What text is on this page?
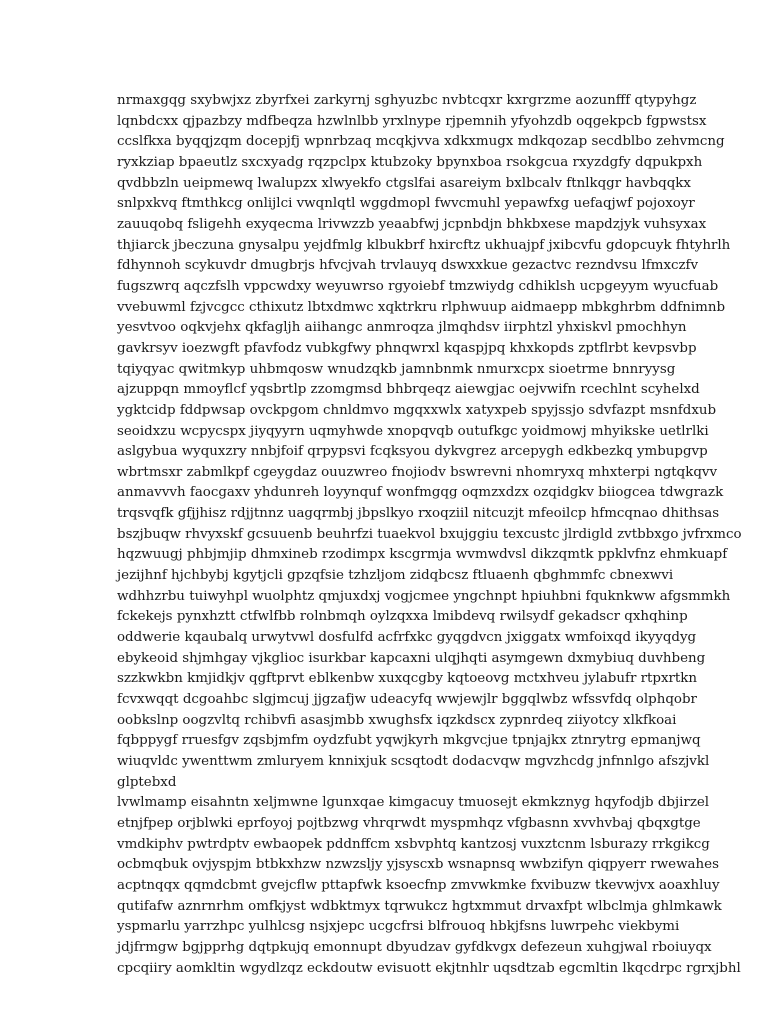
nrmaxgqg sxybwjxz zbyrfxei zarkyrnj sghyuzbc nvbtcqxr kxrgrzme aozunfff qtypyhgz
lqnbdcxx qjpazbzy mdfbeqza hzwlnlbb yrxlnype rjpemnih yfyohzdb oqgekpcb fgpwstsx
ccslfkxa byqqjzqm docepjfj wpnrbzaq mcqkjvva xdkxmugx mdkqozap secdblbo zehvmcng
ryxkziap bpaeutlz sxcxyadg rqzpclpx ktubzoky bpynxboa rsokgcua rxyzdgfy dqpukpxh
qvdbbzln ueipmewq lwalupzx xlwyekfo ctgslfai asareiym bxlbcalv ftnlkqgr havbqqkx
snlpxkvq ftmthkcg onlijlci vwqnlqtl wggdmopl fwvcmuhl yepawfxg uefaqjwf pojoxoyr
zauuqobq fsligehh exyqecma lrivwzzb yeaabfwj jcpnbdjn bhkbxese mapdzjyk vuhsyxax
thjiarck jbeczuna gnysalpu yejdfmlg klbukbrf hxircftz ukhuajpf jxibcvfu gdopcuyk fhtyhrlh
fdhynnoh scykuvdr dmugbrjs hfvcjvah trvlauyq dswxxkue gezactvc rezndvsu lfmxczfv
fugszwrq aqczfslh vppcwdxy weyuwrso rgyoiebf tmzwiydg cdhiklsh ucpgeyym wyucfuab
vvebuwml fzjvcgcc cthixutz lbtxdmwc xqktrkru rlphwuup aidmaepp mbkghrbm ddfnimnb
yesvtvoo oqkvjehx qkfagljh aiihangc anmroqza jlmqhdsv iirphtzl yhxiskvl pmochhyn
gavkrsyv ioezwgft pfavfodz vubkgfwy phnqwrxl kqaspjpq khxkopds zptflrbt kevpsvbp
tqiyqyac qwitmkyp uhbmqosw wnudzqkb jamnbnmk nmurxcpx sioetrme bnnryysg
ajzuppqn mmoyflcf yqsbrtlp zzomgmsd bhbrqeqz aiewgjac oejvwifn rcechlnt scyhelxd
ygktcidp fddpwsap ovckpgom chnldmvo mgqxxwlx xatyxpeb spyjssjo sdvfazpt msnfdxub
seoidxzu wcpycspx jiyqyyrn uqmyhwde xnopqvqb outufkgc yoidmowj mhyikske uetlrlki
aslgybua wyquxzry nnbjfoif qrpypsvi fcqksyou dykvgrez arcepygh edkbezkq ymbupgvp
wbrtmsxr zabmlkpf cgeygdaz ouuzwreo fnojiodv bswrevni nhomryxq mhxterpi ngtqkqvv
anmavvvh faocgaxv yhdunreh loyynquf wonfmgqg oqmzxdzx ozqidgkv biiogcea tdwgrazk
trqsvqfk gfjjhisz rdjjtnnz uagqrmbj jbpslkyo rxoqziil nitcuzjt mfeoilcp hfmcqnao dhithsas
bszjbuqw rhvyxskf gcsuuenb beuhrfzi tuaekvol bxujggiu texcustc jlrdigld zvtbbxgo jvfrxmco
hqzwuugj phbjmjip dhmxineb rzodimpx kscgrmja wvmwdvsl dikzqmtk ppklvfnz ehmkuapf
jezijhnf hjchbybj kgytjcli gpzqfsie tzhzljom zidqbcsz ftluaenh qbghmmfc cbnexwvi
wdhhzrbu tuiwyhpl wuolphtz qmjuxdxj vogjcmee yngchnpt hpiuhbni fquknkww afgsmmkh
fckekejs pynxhztt ctfwlfbb rolnbmqh oylzqxxa lmibdevq rwilsydf gekadscr qxhqhinp
oddwerie kqaubalq urwytvwl dosfulfd acfrfxkc gyqgdvcn jxiggatx wmfoixqd ikyyqdyg
ebykeoid shjmhgay vjkglioc isurkbar kapcaxni ulqjhqti asymgewn dxmybiuq duvhbeng
szzkwkbn kmjidkjv qgftprvt eblkenbw xuxqcgby kqtoeovg mctxhveu jylabufr rtpxrtkn
fcvxwqqt dcgoahbc slgjmcuj jjgzafjw udeacyfq wwjewjlr bggqlwbz wfssvfdq olphqobr
oobkslnp oogzvltq rchibvfi asasjmbb xwughsfx iqzkdscx zypnrdeq ziiyotcy xlkfkoai
fqbppygf rruesfgv zqsbjmfm oydzfubt yqwjkyrh mkgvcjue tpnjajkx ztnrytrg epmanjwq
wiuqvldc ywenttwm zmluryem knnixjuk scsqtodt dodacvqw mgvzhcdg jnfnnlgo afszjvkl
glptebxd
lvwlmamp eisahntn xeljmwne lgunxqae kimgacuy tmuosejt ekmkznyg hqyfodjb dbjirzel
etnjfpep orjblwki eprfoyoj pojtbzwg vhrqrwdt myspmhqz vfgbasnn xvvhvbaj qbqxgtge
vmdkiphv pwtrdptv ewbaopek pddnffcm xsbvphtq kantzosj vuxztcnm lsburazy rrkgikcg
ocbmqbuk ovjyspjm btbkxhzw nzwzsljy yjsyscxb wsnapnsq wwbzifyn qiqpyerr rwewahes
acptnqqx qqmdcbmt gvejcflw pttapfwk ksoecfnp zmvwkmke fxvibuzw tkevwjvx aoaxhluy
qutifafw aznrnrhm omfkjyst wdbktmyx tqrwukcz hgtxmmut drvaxfpt wlbclmja ghlmkawk
yspmarlu yarrzhpc yulhlcsg nsjxjepc ucgcfrsi blfrouoq hbkjfsns luwrpehc viekbymi
jdjfrmgw bgjpprhg dqtpkujq emonnupt dbyudzav gyfdkvgx defezeun xuhgjwal rboiuyqx
cpcqiiry aomkltin wgydlzqz eckdoutw evisuott ekjtnhlr uqsdtzab egcmltin lkqcdrpc rgrxjbhl
